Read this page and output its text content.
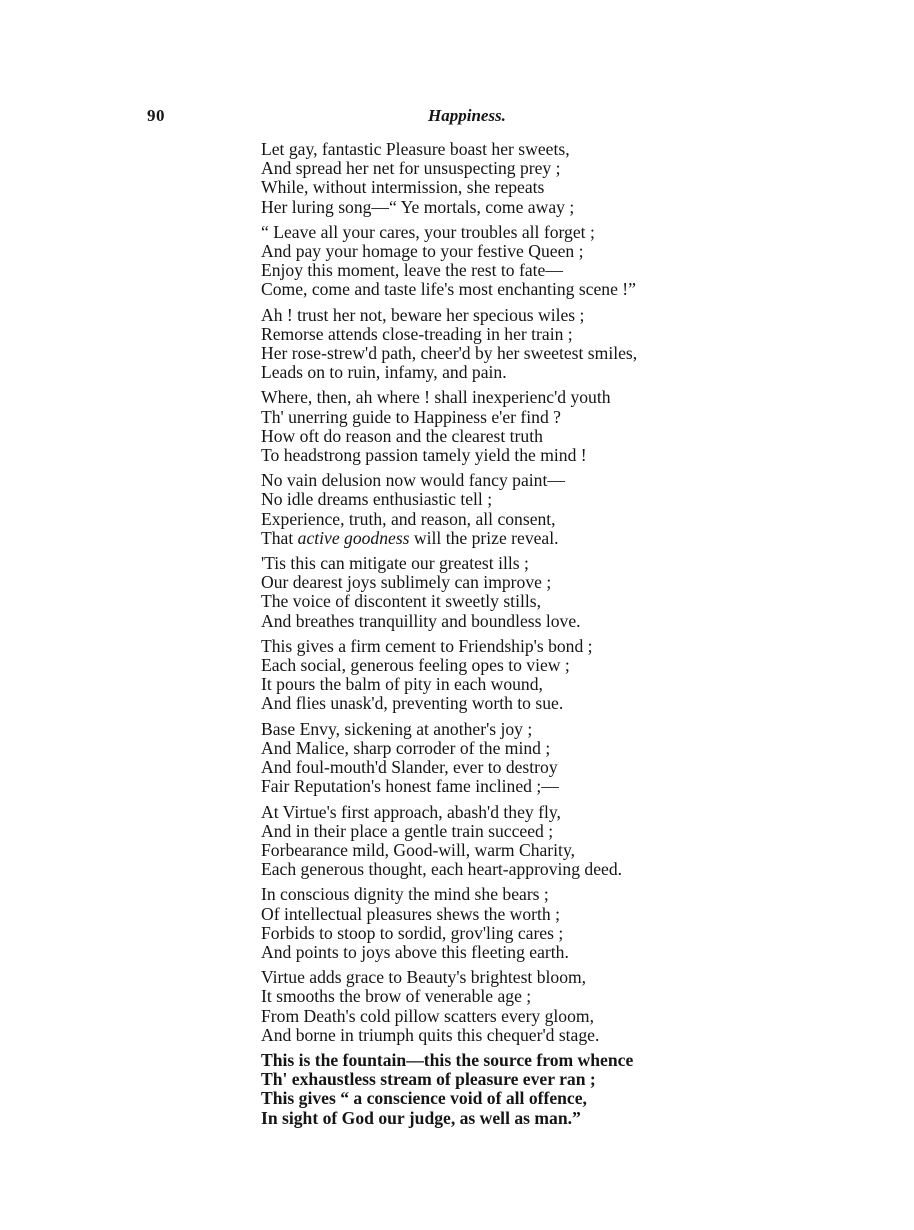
90	Happiness.
Let gay, fantastic Pleasure boast her sweets,
And spread her net for unsuspecting prey ;
While, without intermission, she repeats
Her luring song—“ Ye mortals, come away ;
“ Leave all your cares, your troubles all forget ;
And pay your homage to your festive Queen ;
Enjoy this moment, leave the rest to fate—
Come, come and taste life's most enchanting scene !”
Ah ! trust her not, beware her specious wiles ;
Remorse attends close-treading in her train ;
Her rose-strew'd path, cheer'd by her sweetest smiles,
Leads on to ruin, infamy, and pain.
Where, then, ah where ! shall inexperienc'd youth
Th' unerring guide to Happiness e'er find ?
How oft do reason and the clearest truth
To headstrong passion tamely yield the mind !
No vain delusion now would fancy paint—
No idle dreams enthusiastic tell ;
Experience, truth, and reason, all consent,
That active goodness will the prize reveal.
'Tis this can mitigate our greatest ills ;
Our dearest joys sublimely can improve ;
The voice of discontent it sweetly stills,
And breathes tranquillity and boundless love.
This gives a firm cement to Friendship's bond ;
Each social, generous feeling opes to view ;
It pours the balm of pity in each wound,
And flies unask'd, preventing worth to sue.
Base Envy, sickening at another's joy ;
And Malice, sharp corroder of the mind ;
And foul-mouth'd Slander, ever to destroy
Fair Reputation's honest fame inclined ;—
At Virtue's first approach, abash'd they fly,
And in their place a gentle train succeed ;
Forbearance mild, Good-will, warm Charity,
Each generous thought, each heart-approving deed.
In conscious dignity the mind she bears ;
Of intellectual pleasures shews the worth ;
Forbids to stoop to sordid, grov'ling cares ;
And points to joys above this fleeting earth.
Virtue adds grace to Beauty's brightest bloom,
It smooths the brow of venerable age ;
From Death's cold pillow scatters every gloom,
And borne in triumph quits this chequer'd stage.
This is the fountain—this the source from whence
Th' exhaustless stream of pleasure ever ran ;
This gives “ a conscience void of all offence,
In sight of God our judge, as well as man.”
